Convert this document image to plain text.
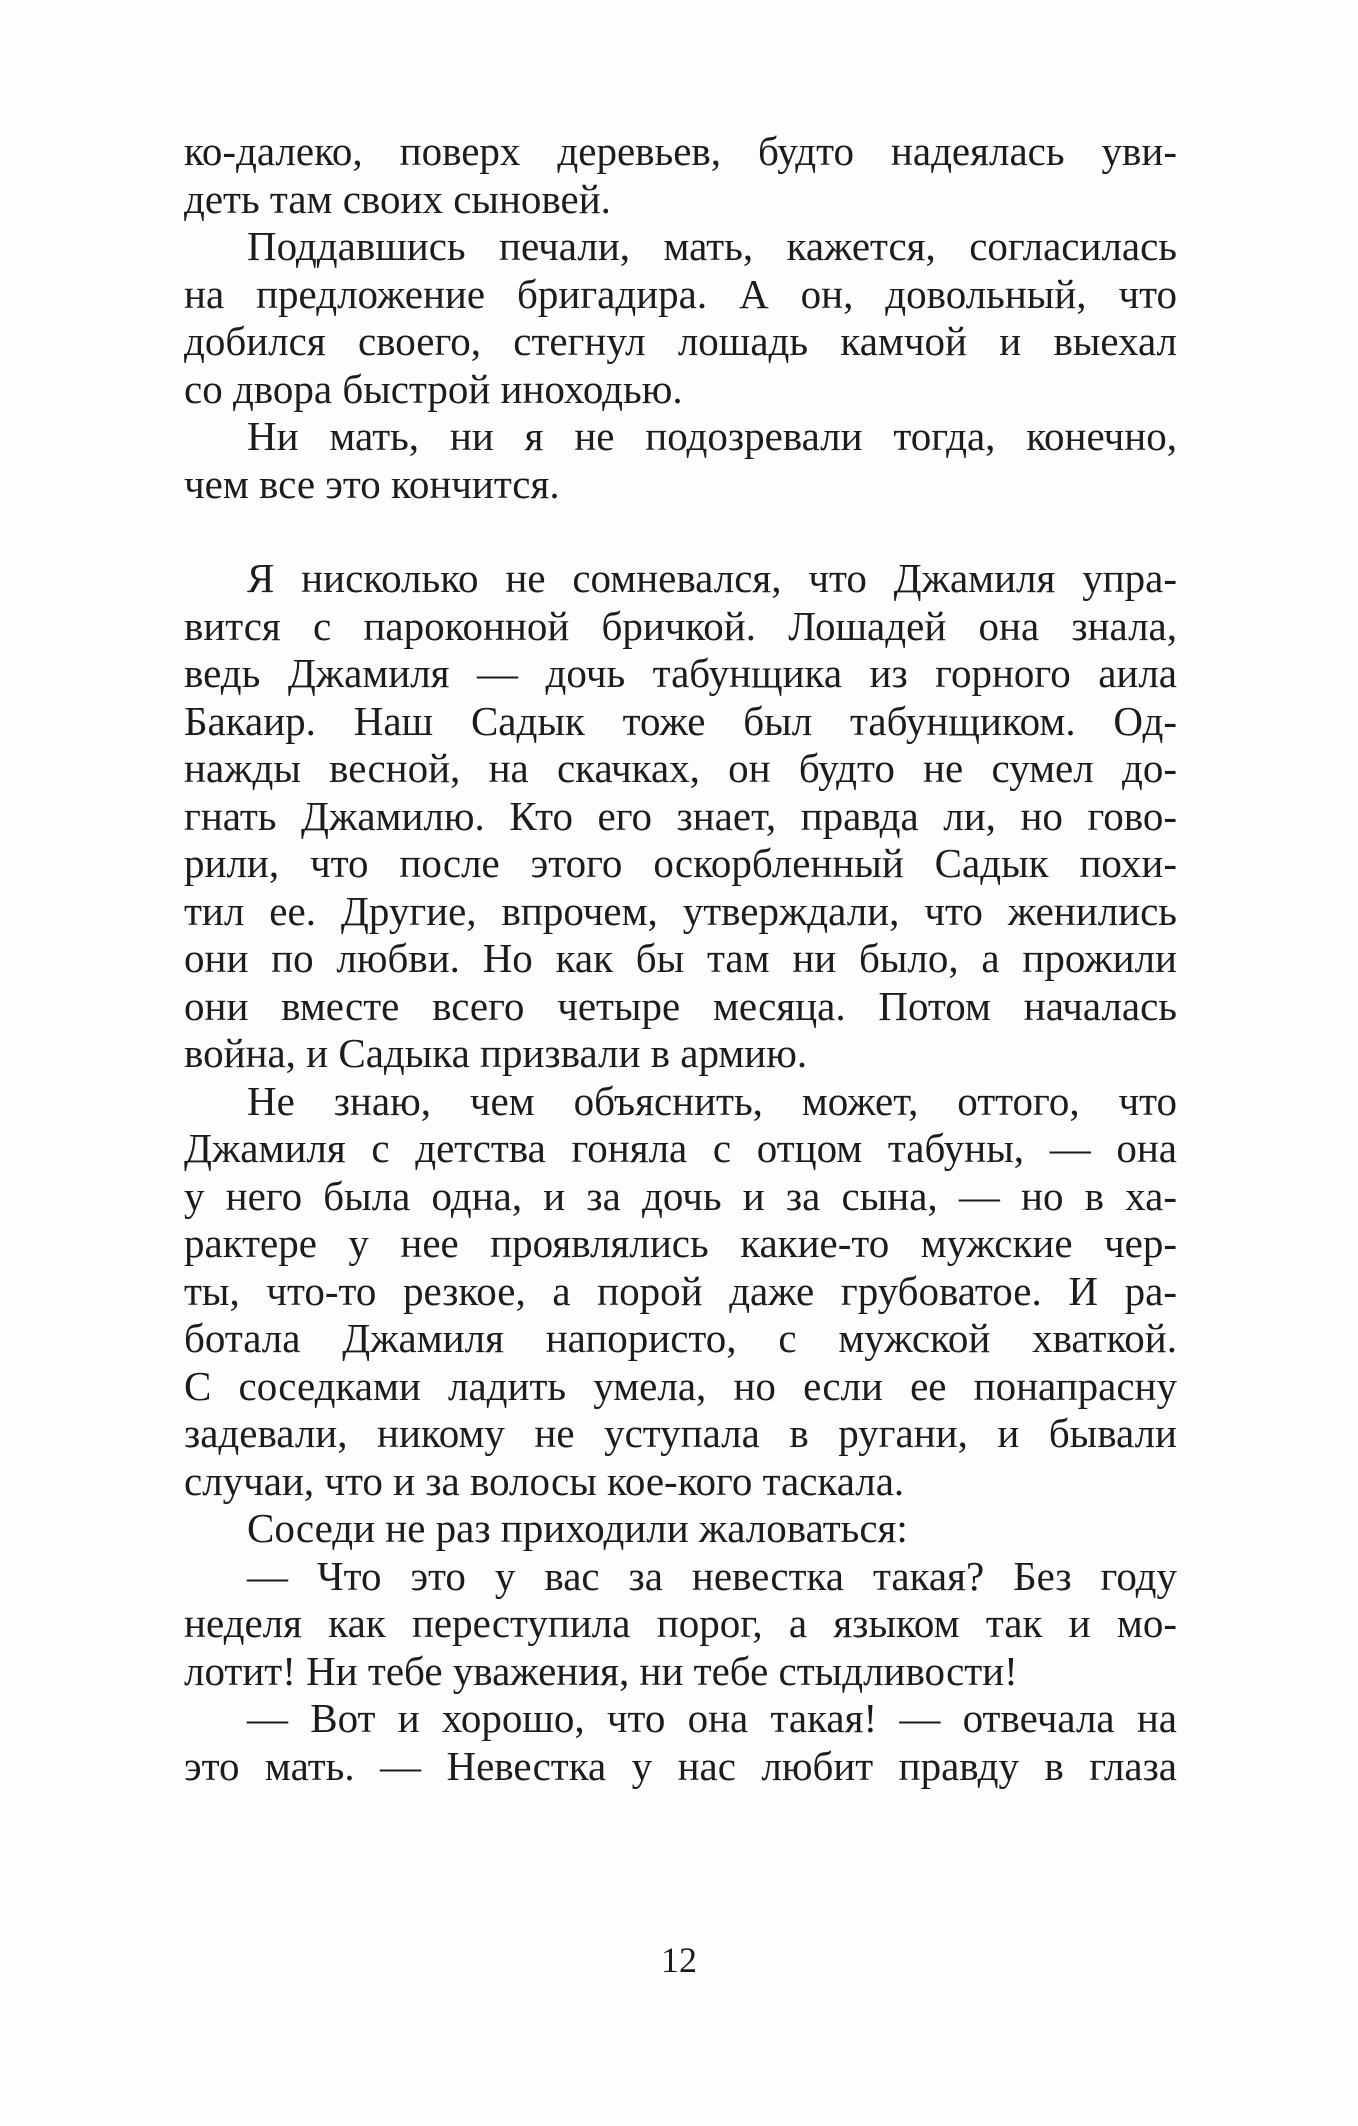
ко-далеко, поверх деревьев, будто надеялась уви-
деть там своих сыновей.
Поддавшись печали, мать, кажется, согласилась
на предложение бригадира. А он, довольный, что
добился своего, стегнул лошадь камчой и выехал
со двора быстрой иноходью.
Ни мать, ни я не подозревали тогда, конечно,
чем все это кончится.
Я нисколько не сомневался, что Джамиля упра-
вится с пароконной бричкой. Лошадей она знала,
ведь Джамиля — дочь табунщика из горного аила
Бакаир. Наш Садык тоже был табунщиком. Од-
нажды весной, на скачках, он будто не сумел до-
гнать Джамилю. Кто его знает, правда ли, но гово-
рили, что после этого оскорбленный Садык похи-
тил ее. Другие, впрочем, утверждали, что женились
они по любви. Но как бы там ни было, а прожили
они вместе всего четыре месяца. Потом началась
война, и Садыка призвали в армию.
Не знаю, чем объяснить, может, оттого, что
Джамиля с детства гоняла с отцом табуны, — она
у него была одна, и за дочь и за сына, — но в ха-
рактере у нее проявлялись какие-то мужские чер-
ты, что-то резкое, а порой даже грубоватое. И ра-
ботала Джамиля напористо, с мужской хваткой.
С соседками ладить умела, но если ее понапрасну
задевали, никому не уступала в ругани, и бывали
случаи, что и за волосы кое-кого таскала.
Соседи не раз приходили жаловаться:
— Что это у вас за невестка такая? Без году
неделя как переступила порог, а языком так и мо-
лотит! Ни тебе уважения, ни тебе стыдливости!
— Вот и хорошо, что она такая! — отвечала на
это мать. — Невестка у нас любит правду в глаза
12
